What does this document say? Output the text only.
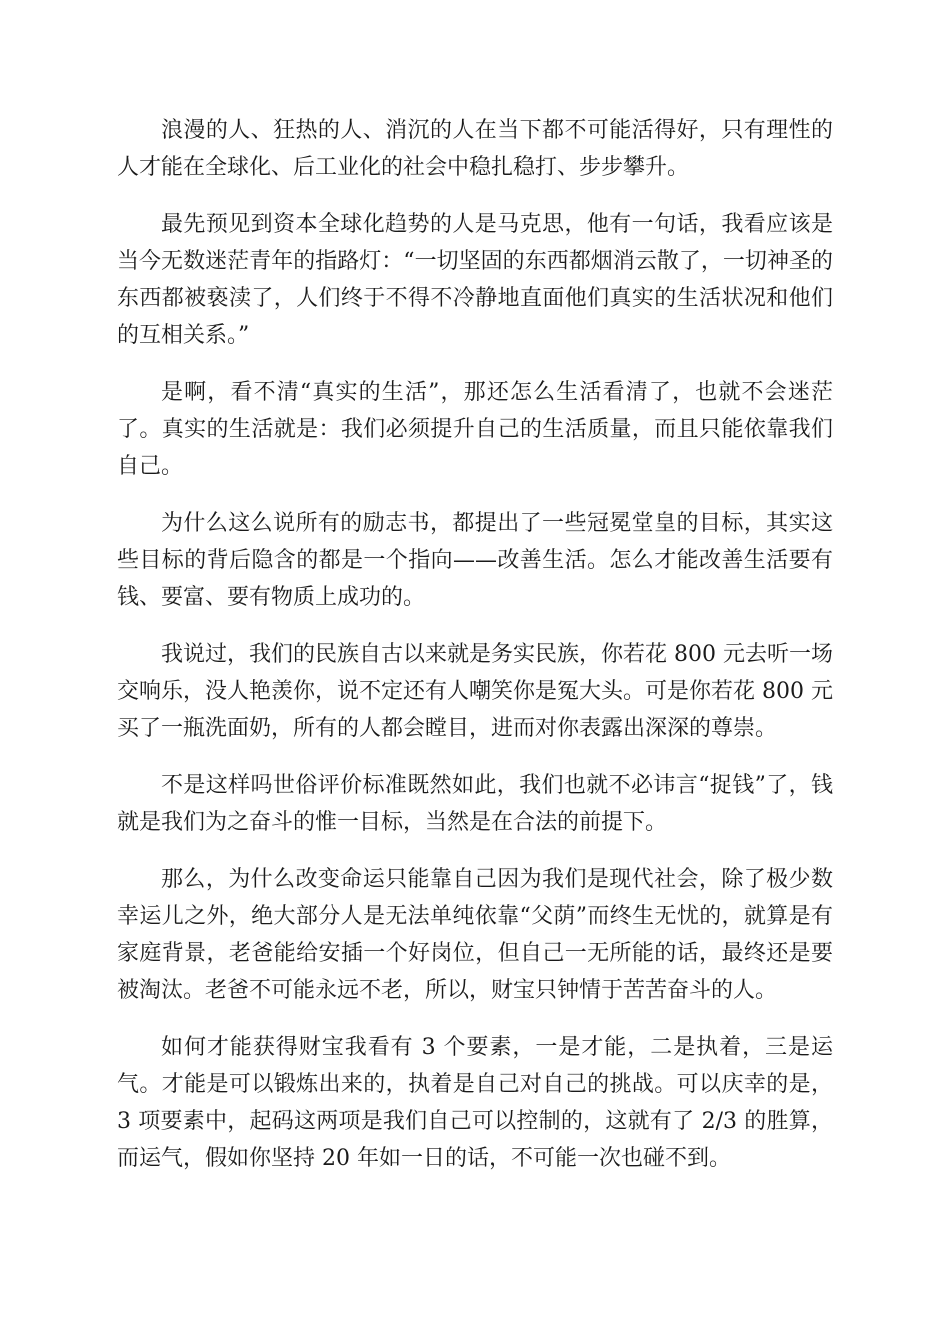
浪漫的人、狂热的人、消沉的人在当下都不可能活得好，只有理性的人才能在全球化、后工业化的社会中稳扎稳打、步步攀升。

最先预见到资本全球化趋势的人是马克思，他有一句话，我看应该是当今无数迷茫青年的指路灯：“一切坚固的东西都烟消云散了，一切神圣的东西都被亵渎了，人们终于不得不冷静地直面他们真实的生活状况和他们的互相关系。”

是啊，看不清“真实的生活”，那还怎么生活看清了，也就不会迷茫了。真实的生活就是：我们必须提升自己的生活质量，而且只能依靠我们自己。

为什么这么说所有的励志书，都提出了一些冠冕堂皇的目标，其实这些目标的背后隐含的都是一个指向——改善生活。怎么才能改善生活要有钱、要富、要有物质上成功的。

我说过，我们的民族自古以来就是务实民族，你若花 800 元去听一场交响乐，没人艳羡你，说不定还有人嘲笑你是冤大头。可是你若花 800 元买了一瓶洗面奶，所有的人都会瞠目，进而对你表露出深深的尊崇。

不是这样吗世俗评价标准既然如此，我们也就不必讳言“捉钱”了，钱就是我们为之奋斗的惟一目标，当然是在合法的前提下。

那么，为什么改变命运只能靠自己因为我们是现代社会，除了极少数幸运儿之外，绝大部分人是无法单纯依靠“父荫”而终生无忧的，就算是有家庭背景，老爸能给安插一个好岗位，但自己一无所能的话，最终还是要被淘汰。老爸不可能永远不老，所以，财宝只钟情于苦苦奋斗的人。

如何才能获得财宝我看有 3 个要素，一是才能，二是执着，三是运气。才能是可以锻炼出来的，执着是自己对自己的挑战。可以庆幸的是，3 项要素中，起码这两项是我们自己可以控制的，这就有了 2/3 的胜算，而运气，假如你坚持 20 年如一日的话，不可能一次也碰不到。
